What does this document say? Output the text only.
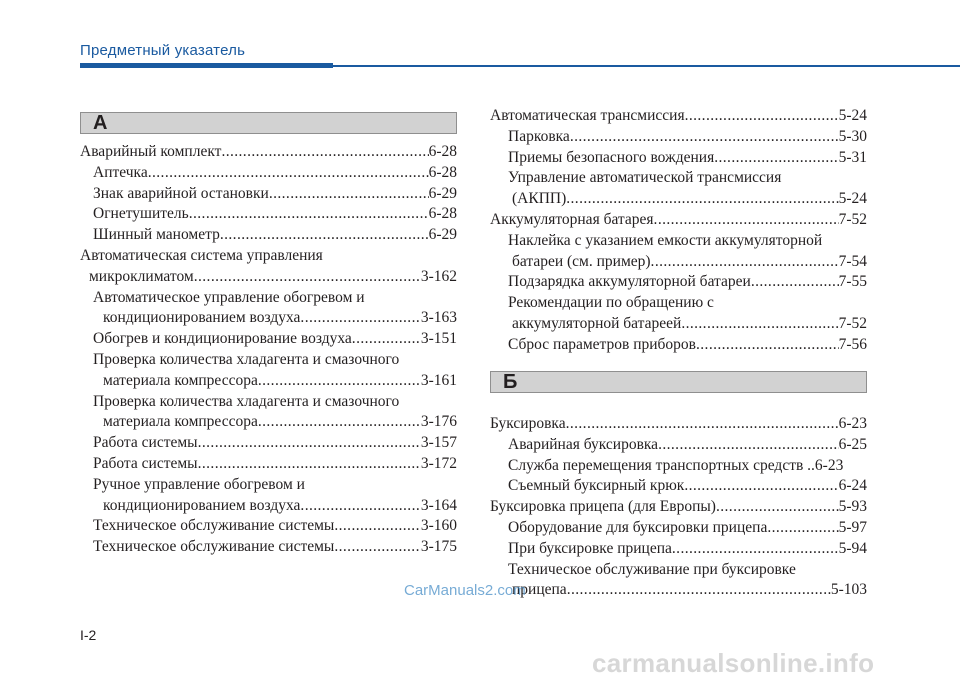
Предметный указатель
А
Аварийный комплект .....	6-28
Аптечка .....	6-28
Знак аварийной остановки .....	6-29
Огнетушитель .....	6-28
Шинный манометр .....	6-29
Автоматическая система управления
микроклиматом .....	3-162
Автоматическое управление обогревом и
кондиционированием воздуха .....	3-163
Обогрев и кондиционирование воздуха .....	3-151
Проверка количества хладагента и смазочного
материала компрессора .....	3-161
Проверка количества хладагента и смазочного
материала компрессора .....	3-176
Работа системы .....	3-157
Работа системы .....	3-172
Ручное управление обогревом и
кондиционированием воздуха .....	3-164
Техническое обслуживание системы .....	3-160
Техническое обслуживание системы .....	3-175
Автоматическая трансмиссия .....	5-24
Парковка .....	5-30
Приемы безопасного вождения .....	5-31
Управление автоматической трансмиссия
(АКПП) .....	5-24
Аккумуляторная батарея .....	7-52
Наклейка с указанием емкости аккумуляторной
батареи (см. пример) .....	7-54
Подзарядка аккумуляторной батареи .....	7-55
Рекомендации по обращению с
аккумуляторной батареей .....	7-52
Сброс параметров приборов .....	7-56
Б
Буксировка .....	6-23
Аварийная буксировка .....	6-25
Служба перемещения транспортных средств .. 6-23
Съемный буксирный крюк .....	6-24
Буксировка прицепа (для Европы) .....	5-93
Оборудование для буксировки прицепа .....	5-97
При буксировке прицепа .....	5-94
Техническое обслуживание при буксировке
прицепа .....	5-103
CarManuals2.com
I-2
carmanualsonline.info
